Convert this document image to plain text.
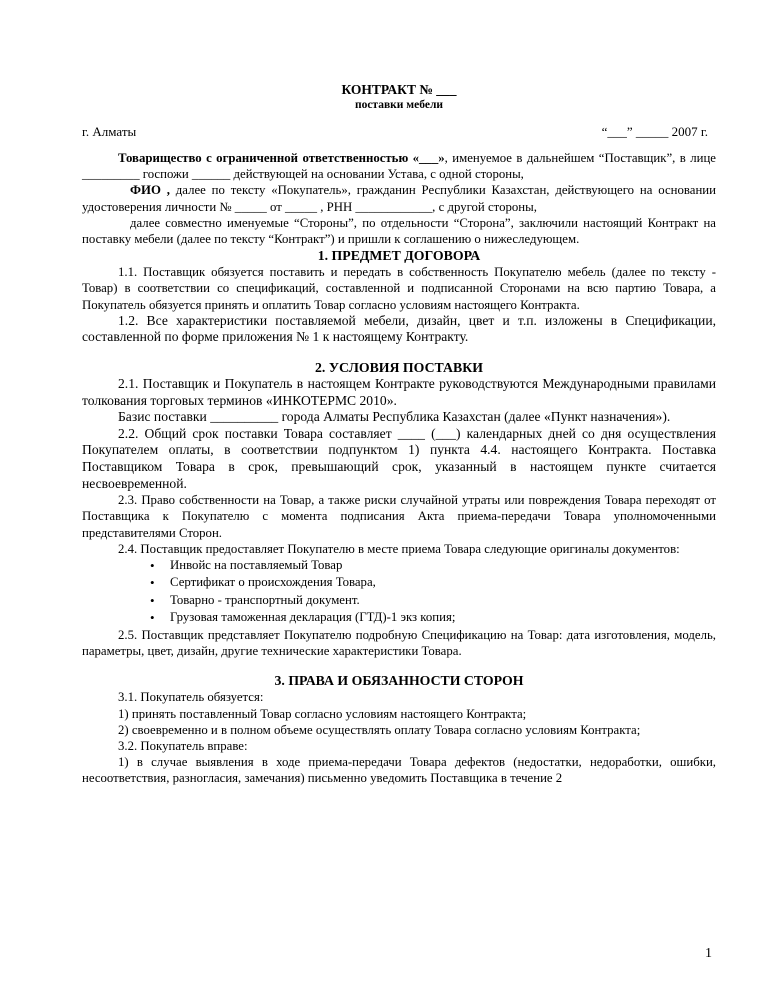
КОНТРАКТ № ___

поставки мебели

г. Алматы	“___” _____ 2007 г.

Товарищество с ограниченной ответственностью «___», именуемое в дальнейшем “Поставщик”, в лице _________ госпожи ______ действующей на основании Устава, с одной стороны,

ФИО , далее по тексту «Покупатель», гражданин Республики Казахстан, действующего на основании удостоверения личности № _____ от _____ , РНН ____________, с другой стороны,

далее совместно именуемые “Стороны”, по отдельности “Сторона”, заключили настоящий Контракт на поставку мебели (далее по тексту “Контракт”) и пришли к соглашению о нижеследующем.

1. ПРЕДМЕТ ДОГОВОРА

1.1. Поставщик обязуется поставить и передать в собственность Покупателю мебель (далее по тексту - Товар) в соответствии со спецификаций, составленной и подписанной Сторонами на всю партию Товара, а Покупатель обязуется принять и оплатить Товар согласно условиям настоящего Контракта.

1.2. Все характеристики поставляемой мебели, дизайн, цвет и т.п. изложены в Спецификации, составленной по форме приложения № 1 к настоящему Контракту.

2. УСЛОВИЯ ПОСТАВКИ

2.1. Поставщик и Покупатель в настоящем Контракте руководствуются Международными правилами толкования торговых терминов «ИНКОТЕРМС 2010».

Базис поставки __________ города Алматы Республика Казахстан (далее «Пункт назначения»).

2.2. Общий срок поставки Товара составляет ____ (___) календарных дней со дня осуществления Покупателем оплаты, в соответствии подпунктом 1) пункта 4.4. настоящего Контракта. Поставка Поставщиком Товара в срок, превышающий срок, указанный в настоящем пункте считается несвоевременной.

2.3. Право собственности на Товар, а также риски случайной утраты или повреждения Товара переходят от Поставщика к Покупателю с момента подписания Акта приема-передачи Товара уполномоченными представителями Сторон.

2.4. Поставщик предоставляет Покупателю в месте приема Товара следующие оригиналы документов:

• Инвойс на поставляемый Товар
• Сертификат о происхождения Товара,
• Товарно - транспортный документ.
• Грузовая таможенная декларация (ГТД)-1 экз копия;

2.5. Поставщик представляет Покупателю подробную Спецификацию на Товар: дата изготовления, модель, параметры, цвет, дизайн, другие технические характеристики Товара.

3. ПРАВА И ОБЯЗАННОСТИ СТОРОН

3.1. Покупатель обязуется:

1) принять поставленный Товар согласно условиям настоящего Контракта;

2) своевременно и в полном объеме осуществлять оплату Товара согласно условиям Контракта;

3.2. Покупатель вправе:

1) в случае выявления в ходе приема-передачи Товара дефектов (недостатки, недоработки, ошибки, несоответствия, разногласия, замечания) письменно уведомить Поставщика в течение 2

1
